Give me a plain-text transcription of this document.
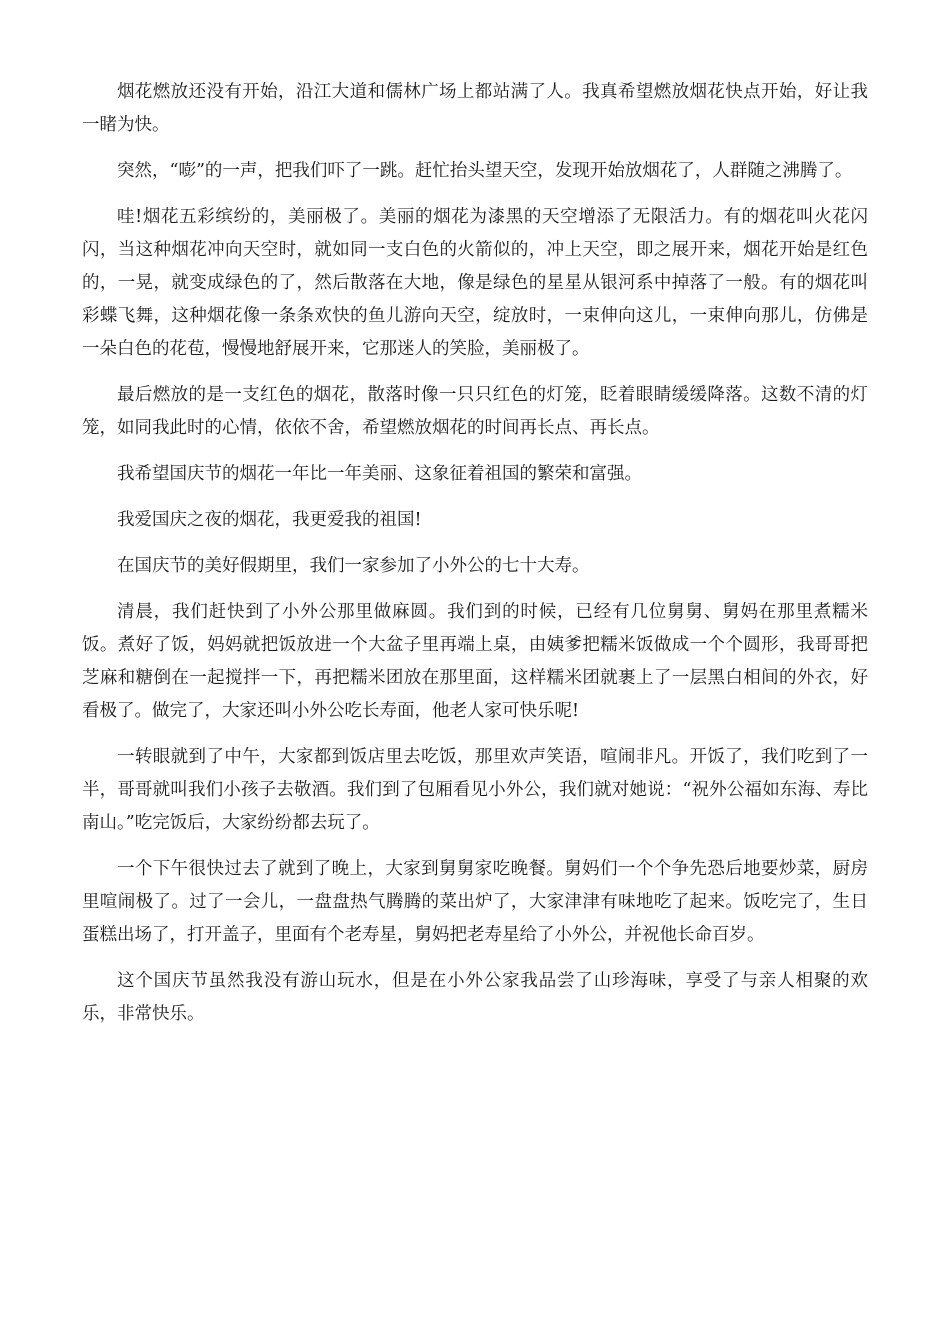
烟花燃放还没有开始，沿江大道和儒林广场上都站满了人。我真希望燃放烟花快点开始，好让我一睹为快。

突然，“嘭”的一声，把我们吓了一跳。赶忙抬头望天空，发现开始放烟花了，人群随之沸腾了。

哇!烟花五彩缤纷的，美丽极了。美丽的烟花为漆黑的天空增添了无限活力。有的烟花叫火花闪闪，当这种烟花冲向天空时，就如同一支白色的火箭似的，冲上天空，即之展开来，烟花开始是红色的，一晃，就变成绿色的了，然后散落在大地，像是绿色的星星从银河系中掉落了一般。有的烟花叫彩蝶飞舞，这种烟花像一条条欢快的鱼儿游向天空，绽放时，一束伸向这儿，一束伸向那儿，仿佛是一朵白色的花苞，慢慢地舒展开来，它那迷人的笑脸，美丽极了。

最后燃放的是一支红色的烟花，散落时像一只只红色的灯笼，眨着眼睛缓缓降落。这数不清的灯笼，如同我此时的心情，依依不舍，希望燃放烟花的时间再长点、再长点。

我希望国庆节的烟花一年比一年美丽、这象征着祖国的繁荣和富强。

我爱国庆之夜的烟花，我更爱我的祖国!

在国庆节的美好假期里，我们一家参加了小外公的七十大寿。

清晨，我们赶快到了小外公那里做麻圆。我们到的时候，已经有几位舅舅、舅妈在那里煮糯米饭。煮好了饭，妈妈就把饭放进一个大盆子里再端上桌，由姨爹把糯米饭做成一个个圆形，我哥哥把芝麻和糖倒在一起搅拌一下，再把糯米团放在那里面，这样糯米团就裹上了一层黑白相间的外衣，好看极了。做完了，大家还叫小外公吃长寿面，他老人家可快乐呢!

一转眼就到了中午，大家都到饭店里去吃饭，那里欢声笑语，喧闹非凡。开饭了，我们吃到了一半，哥哥就叫我们小孩子去敬酒。我们到了包厢看见小外公，我们就对她说：“祝外公福如东海、寿比南山。”吃完饭后，大家纷纷都去玩了。

一个下午很快过去了就到了晚上，大家到舅舅家吃晚餐。舅妈们一个个争先恐后地要炒菜，厨房里喧闹极了。过了一会儿，一盘盘热气腾腾的菜出炉了，大家津津有味地吃了起来。饭吃完了，生日蛋糕出场了，打开盖子，里面有个老寿星，舅妈把老寿星给了小外公，并祝他长命百岁。

这个国庆节虽然我没有游山玩水，但是在小外公家我品尝了山珍海味，享受了与亲人相聚的欢乐，非常快乐。
